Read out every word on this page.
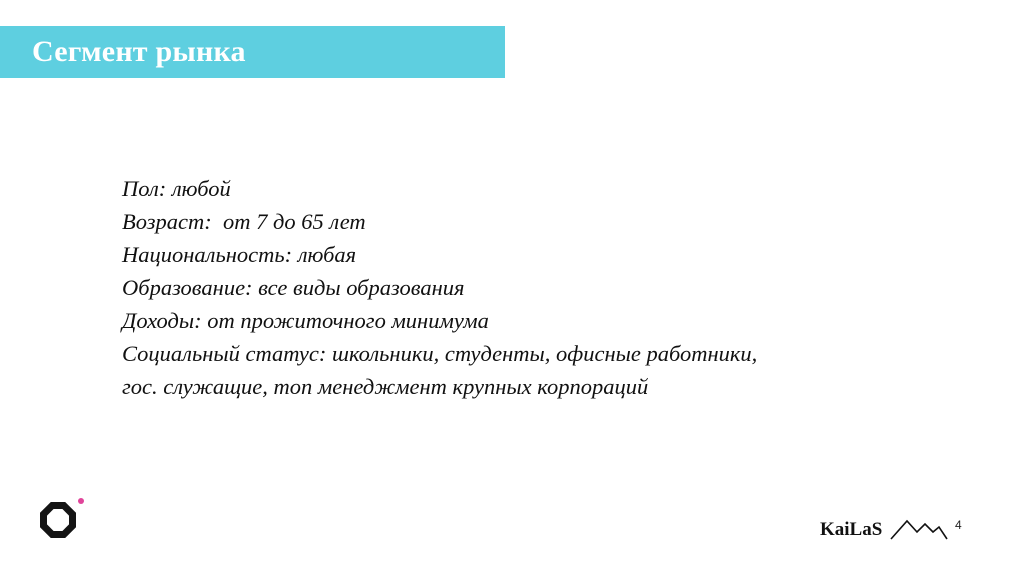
Сегмент рынка
Пол: любой
Возраст:  от 7 до 65 лет
Национальность: любая
Образование: все виды образования
Доходы: от прожиточного минимума
Социальный статус: школьники, студенты, офисные работники,
гос. служащие, топ менеджмент крупных корпораций
KaiLaS	4
